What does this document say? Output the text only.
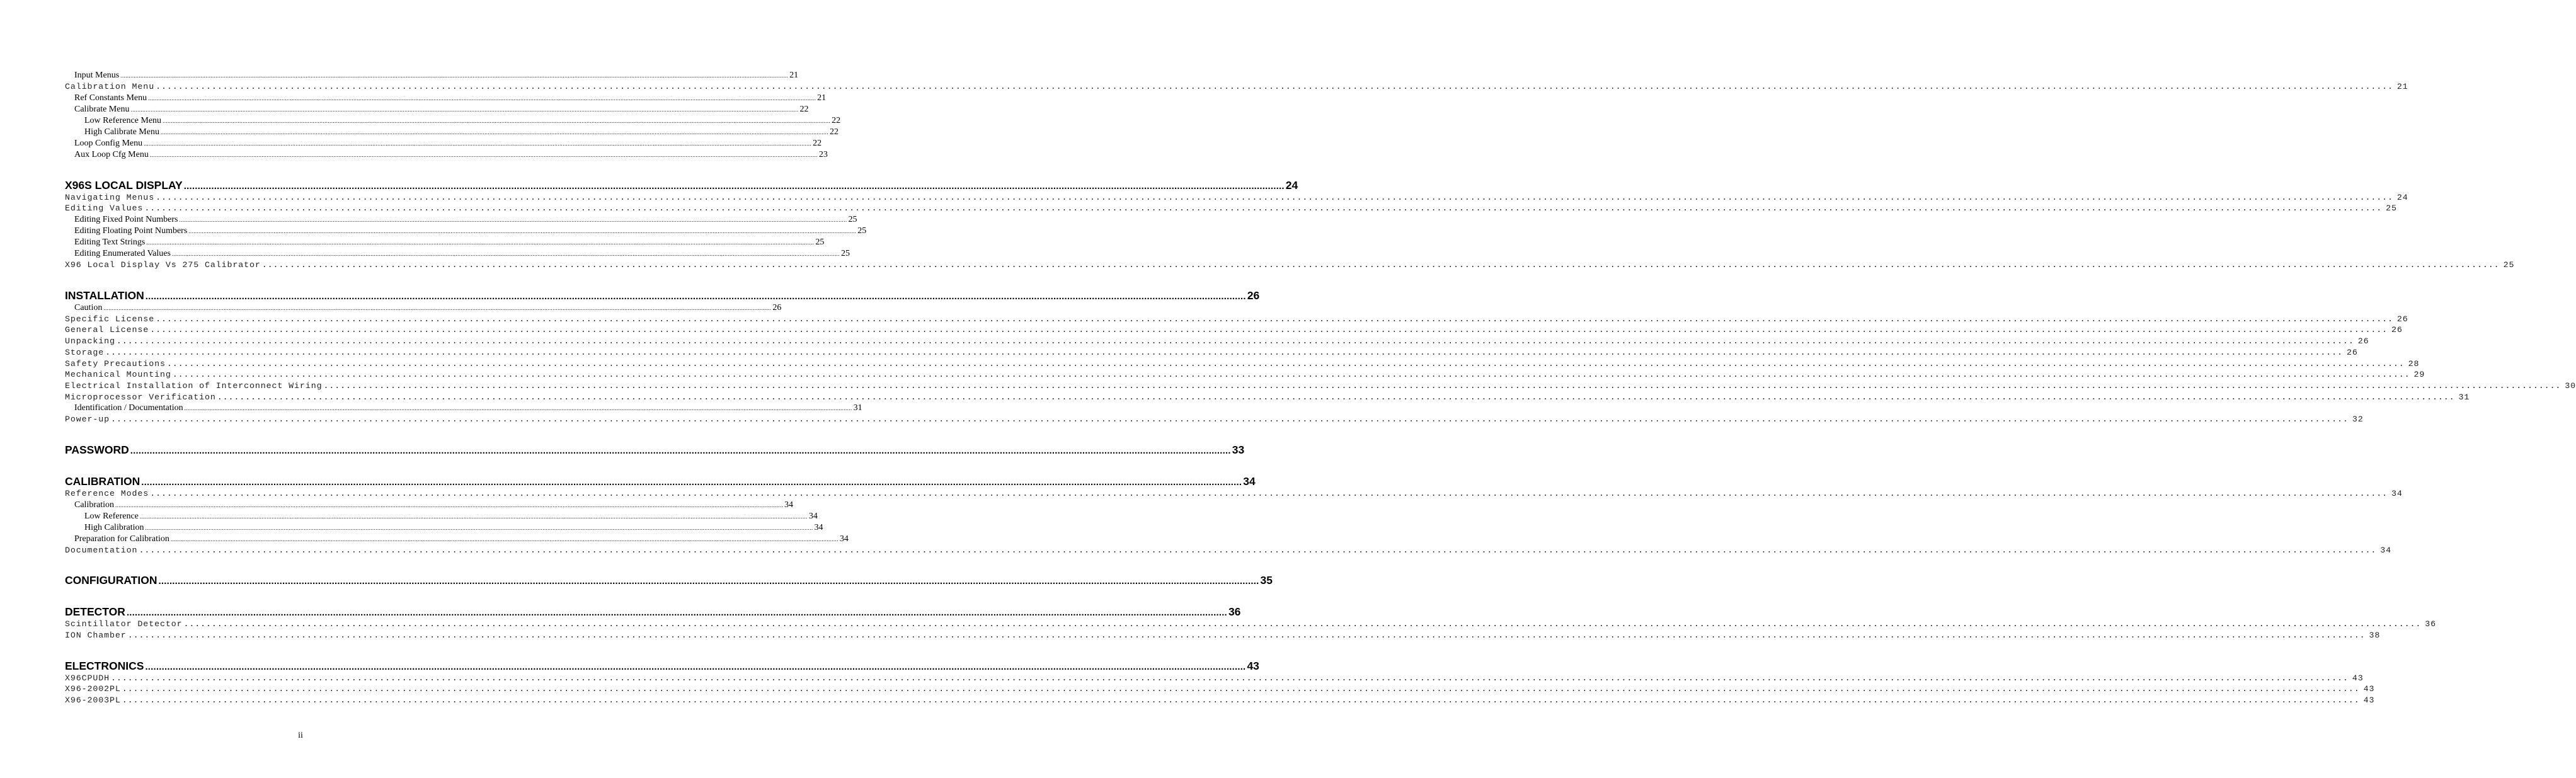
Input Menus ................................................................................................................................................................................................................................................................................................................................................................................................................ 21
Calibration Menu ................................................................................................................................................................................................................................................................................................................................................................................................................ 21
Ref Constants Menu ................................................................................................................................................................................................................................................................................................................................................................................................................ 21
Calibrate Menu ................................................................................................................................................................................................................................................................................................................................................................................................................ 22
Low Reference Menu ................................................................................................................................................................................................................................................................................................................................................................................................................ 22
High Calibrate Menu ................................................................................................................................................................................................................................................................................................................................................................................................................ 22
Loop Config Menu ................................................................................................................................................................................................................................................................................................................................................................................................................ 22
Aux Loop Cfg Menu ................................................................................................................................................................................................................................................................................................................................................................................................................ 23
X96S LOCAL DISPLAY ................................................................................................................................................................................................................................................................................................................................................................................................................ 24
Navigating Menus ................................................................................................................................................................................................................................................................................................................................................................................................................ 24
Editing Values ................................................................................................................................................................................................................................................................................................................................................................................................................ 25
Editing Fixed Point Numbers ................................................................................................................................................................................................................................................................................................................................................................................................................ 25
Editing Floating Point Numbers ................................................................................................................................................................................................................................................................................................................................................................................................................ 25
Editing Text Strings ................................................................................................................................................................................................................................................................................................................................................................................................................ 25
Editing Enumerated Values ................................................................................................................................................................................................................................................................................................................................................................................................................ 25
X96 Local Display Vs 275 Calibrator ................................................................................................................................................................................................................................................................................................................................................................................................................ 25
INSTALLATION ................................................................................................................................................................................................................................................................................................................................................................................................................ 26
Caution ................................................................................................................................................................................................................................................................................................................................................................................................................ 26
Specific License ................................................................................................................................................................................................................................................................................................................................................................................................................ 26
General License ................................................................................................................................................................................................................................................................................................................................................................................................................ 26
Unpacking ................................................................................................................................................................................................................................................................................................................................................................................................................ 26
Storage ................................................................................................................................................................................................................................................................................................................................................................................................................ 26
Safety Precautions ................................................................................................................................................................................................................................................................................................................................................................................................................ 28
Mechanical Mounting ................................................................................................................................................................................................................................................................................................................................................................................................................ 29
Electrical Installation of Interconnect Wiring ................................................................................................................................................................................................................................................................................................................................................................................................................ 30
Microprocessor Verification ................................................................................................................................................................................................................................................................................................................................................................................................................ 31
Identification / Documentation ................................................................................................................................................................................................................................................................................................................................................................................................................ 31
Power-up ................................................................................................................................................................................................................................................................................................................................................................................................................ 32
PASSWORD ................................................................................................................................................................................................................................................................................................................................................................................................................ 33
CALIBRATION ................................................................................................................................................................................................................................................................................................................................................................................................................ 34
Reference Modes ................................................................................................................................................................................................................................................................................................................................................................................................................ 34
Calibration ................................................................................................................................................................................................................................................................................................................................................................................................................ 34
Low Reference ................................................................................................................................................................................................................................................................................................................................................................................................................ 34
High Calibration ................................................................................................................................................................................................................................................................................................................................................................................................................ 34
Preparation for Calibration ................................................................................................................................................................................................................................................................................................................................................................................................................ 34
Documentation ................................................................................................................................................................................................................................................................................................................................................................................................................ 34
CONFIGURATION ................................................................................................................................................................................................................................................................................................................................................................................................................ 35
DETECTOR ................................................................................................................................................................................................................................................................................................................................................................................................................ 36
Scintillator Detector ................................................................................................................................................................................................................................................................................................................................................................................................................ 36
ION Chamber ................................................................................................................................................................................................................................................................................................................................................................................................................ 38
ELECTRONICS ................................................................................................................................................................................................................................................................................................................................................................................................................ 43
X96CPUDH ................................................................................................................................................................................................................................................................................................................................................................................................................ 43
X96-2002PL ................................................................................................................................................................................................................................................................................................................................................................................................................ 43
X96-2003PL ................................................................................................................................................................................................................................................................................................................................................................................................................ 43
ii
